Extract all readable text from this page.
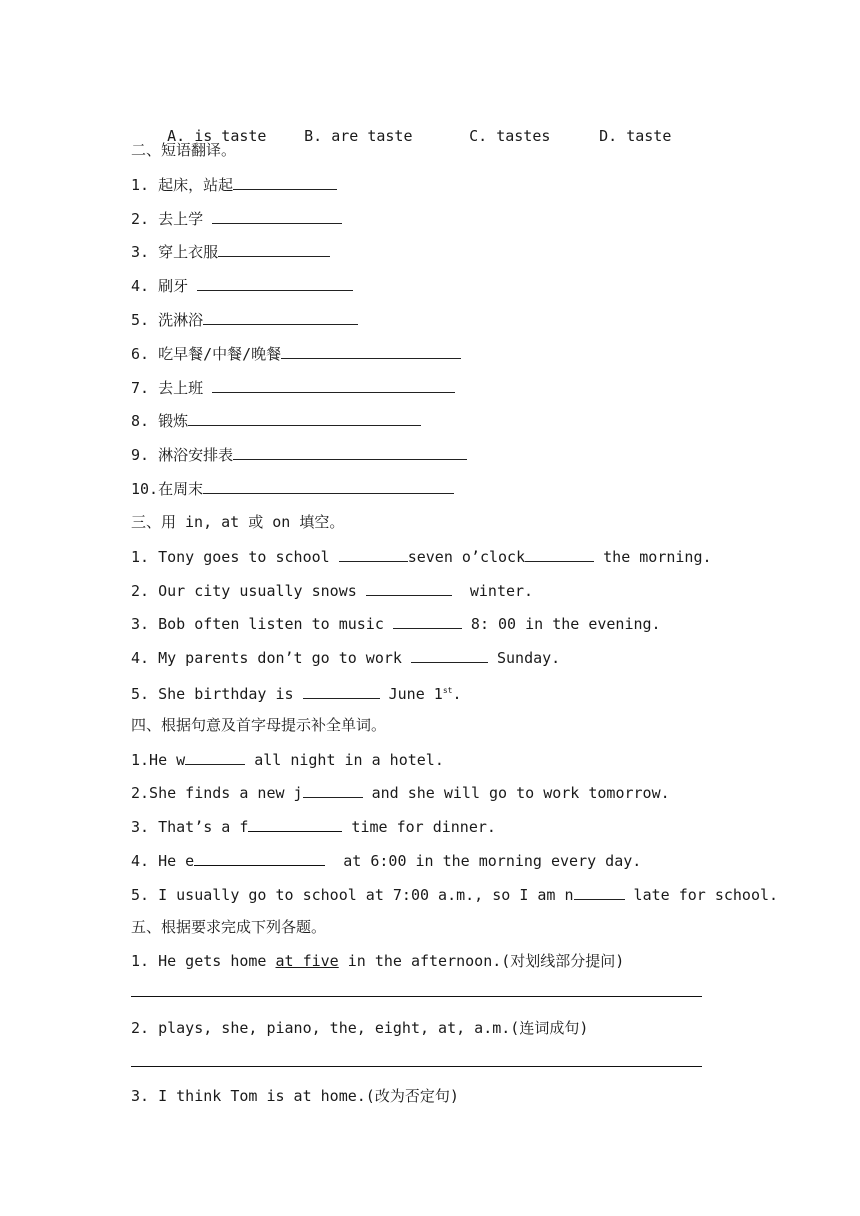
A. is taste	B. are taste	C. tastes	D. taste

二、短语翻译。
1. 起床，站起
2. 去上学
3. 穿上衣服
4. 刷牙
5. 洗淋浴
6. 吃早餐/中餐/晚餐
7. 去上班
8. 锻炼
9. 淋浴安排表
10.在周末
三、用 in, at 或 on 填空。
1. Tony goes to school	seven o’clock	the morning.
2. Our city usually snows	winter.
3. Bob often listen to music	8: 00 in the evening.
4. My parents don’t go to work	Sunday.
5. She birthday is	June 1st.
四、根据句意及首字母提示补全单词。
1.He w	all night in a hotel.
2.She finds a new j	and she will go to work tomorrow.
3. That’s a f	time for dinner.
4. He e	at 6:00 in the morning every day.
5. I usually go to school at 7:00 a.m., so I am n	late for school.
五、根据要求完成下列各题。
1. He gets home at five in the afternoon.(对划线部分提问)
2. plays, she, piano, the, eight, at, a.m.(连词成句)
3. I think Tom is at home.(改为否定句)
